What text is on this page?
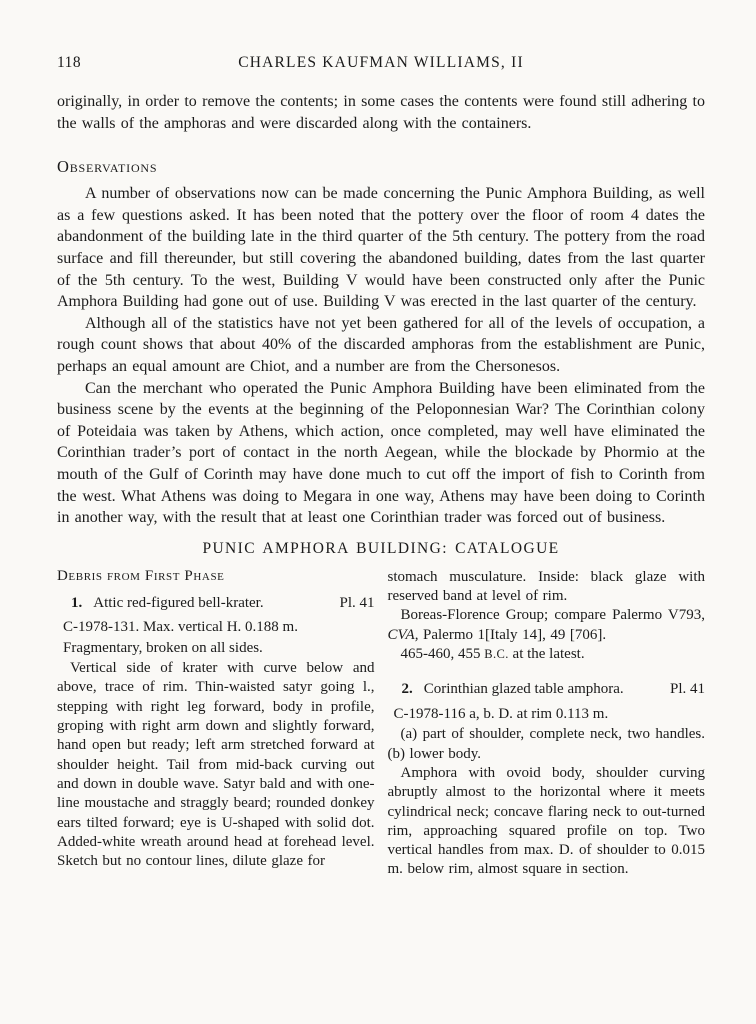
118	CHARLES KAUFMAN WILLIAMS, II

originally, in order to remove the contents; in some cases the contents were found still adhering to the walls of the amphoras and were discarded along with the containers.

Observations

A number of observations now can be made concerning the Punic Amphora Building, as well as a few questions asked. It has been noted that the pottery over the floor of room 4 dates the abandonment of the building late in the third quarter of the 5th century. The pottery from the road surface and fill thereunder, but still covering the abandoned building, dates from the last quarter of the 5th century. To the west, Building V would have been constructed only after the Punic Amphora Building had gone out of use. Building V was erected in the last quarter of the century.

Although all of the statistics have not yet been gathered for all of the levels of occupation, a rough count shows that about 40% of the discarded amphoras from the establishment are Punic, perhaps an equal amount are Chiot, and a number are from the Chersonesos.

Can the merchant who operated the Punic Amphora Building have been eliminated from the business scene by the events at the beginning of the Peloponnesian War? The Corinthian colony of Poteidaia was taken by Athens, which action, once completed, may well have eliminated the Corinthian trader’s port of contact in the north Aegean, while the blockade by Phormio at the mouth of the Gulf of Corinth may have done much to cut off the import of fish to Corinth from the west. What Athens was doing to Megara in one way, Athens may have been doing to Corinth in another way, with the result that at least one Corinthian trader was forced out of business.

PUNIC AMPHORA BUILDING: CATALOGUE
Debris from First Phase
1. Attic red-figured bell-krater.	Pl. 41

C-1978-131. Max. vertical H. 0.188 m.

Fragmentary, broken on all sides.

Vertical side of krater with curve below and above, trace of rim. Thin-waisted satyr going l., stepping with right leg forward, body in profile, groping with right arm down and slightly forward, hand open but ready; left arm stretched forward at shoulder height. Tail from mid-back curving out and down in double wave. Satyr bald and with one-line moustache and straggly beard; rounded donkey ears tilted forward; eye is U-shaped with solid dot. Added-white wreath around head at forehead level. Sketch but no contour lines, dilute glaze for

stomach musculature. Inside: black glaze with reserved band at level of rim.

Boreas-Florence Group; compare Palermo V793, CVA, Palermo 1[Italy 14], 49 [706].

465-460, 455 B.C. at the latest.

2. Corinthian glazed table amphora.	Pl. 41

C-1978-116 a, b. D. at rim 0.113 m.

(a) part of shoulder, complete neck, two handles. (b) lower body.

Amphora with ovoid body, shoulder curving abruptly almost to the horizontal where it meets cylindrical neck; concave flaring neck to out-turned rim, approaching squared profile on top. Two vertical handles from max. D. of shoulder to 0.015 m. below rim, almost square in section.
